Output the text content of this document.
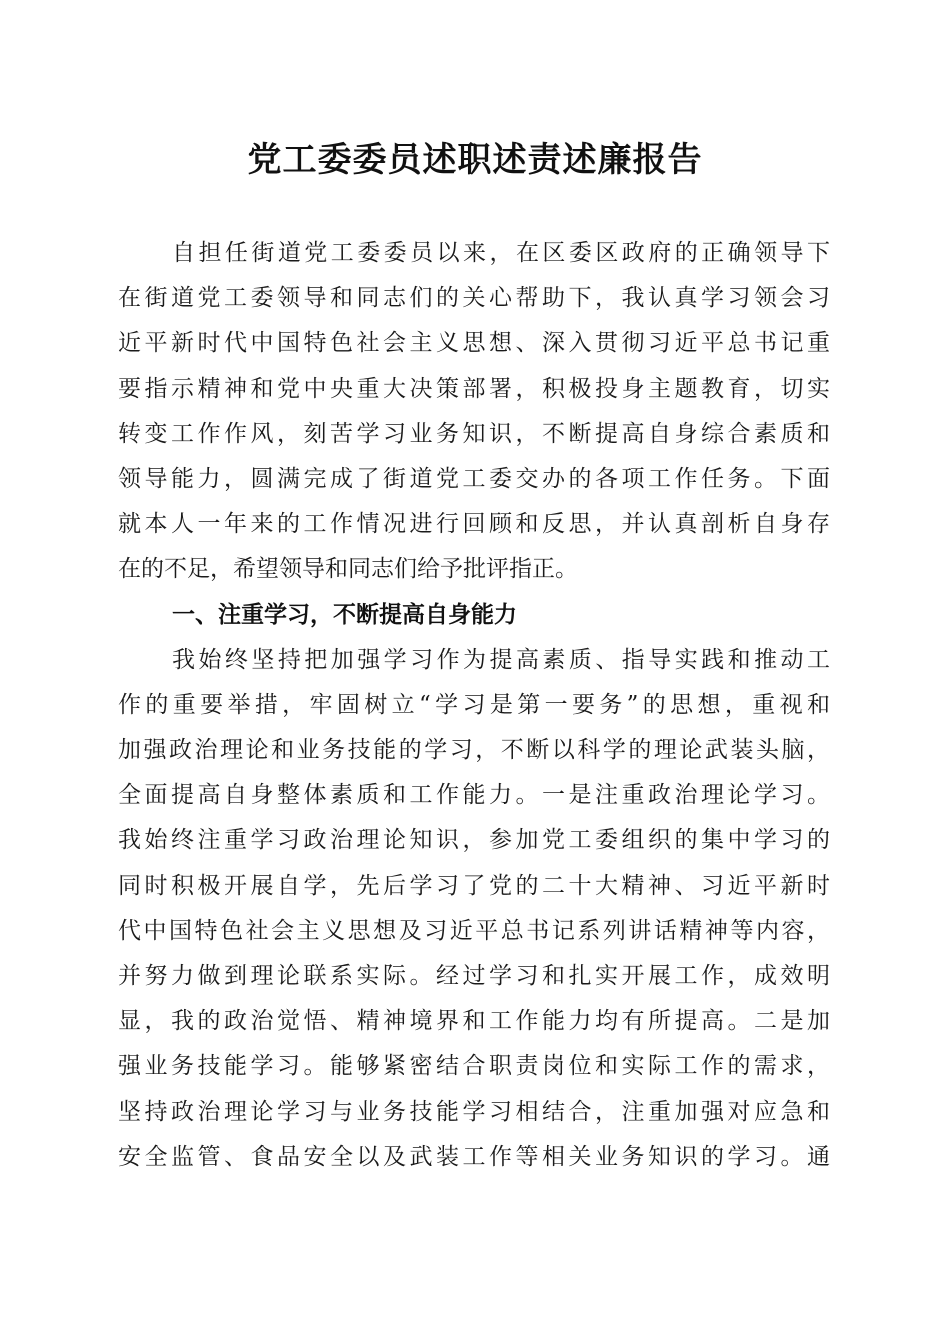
党工委委员述职述责述廉报告
自担任街道党工委委员以来，在区委区政府的正确领导下
在街道党工委领导和同志们的关心帮助下，我认真学习领会习
近平新时代中国特色社会主义思想、深入贯彻习近平总书记重
要指示精神和党中央重大决策部署，积极投身主题教育，切实
转变工作作风，刻苦学习业务知识，不断提高自身综合素质和
领导能力，圆满完成了街道党工委交办的各项工作任务。下面
就本人一年来的工作情况进行回顾和反思，并认真剖析自身存
在的不足，希望领导和同志们给予批评指正。
一、注重学习，不断提高自身能力
我始终坚持把加强学习作为提高素质、指导实践和推动工
作的重要举措，牢固树立“学习是第一要务”的思想，重视和
加强政治理论和业务技能的学习，不断以科学的理论武装头脑，
全面提高自身整体素质和工作能力。一是注重政治理论学习。
我始终注重学习政治理论知识，参加党工委组织的集中学习的
同时积极开展自学，先后学习了党的二十大精神、习近平新时
代中国特色社会主义思想及习近平总书记系列讲话精神等内容，
并努力做到理论联系实际。经过学习和扎实开展工作，成效明
显，我的政治觉悟、精神境界和工作能力均有所提高。二是加
强业务技能学习。能够紧密结合职责岗位和实际工作的需求，
坚持政治理论学习与业务技能学习相结合，注重加强对应急和
安全监管、食品安全以及武装工作等相关业务知识的学习。通
